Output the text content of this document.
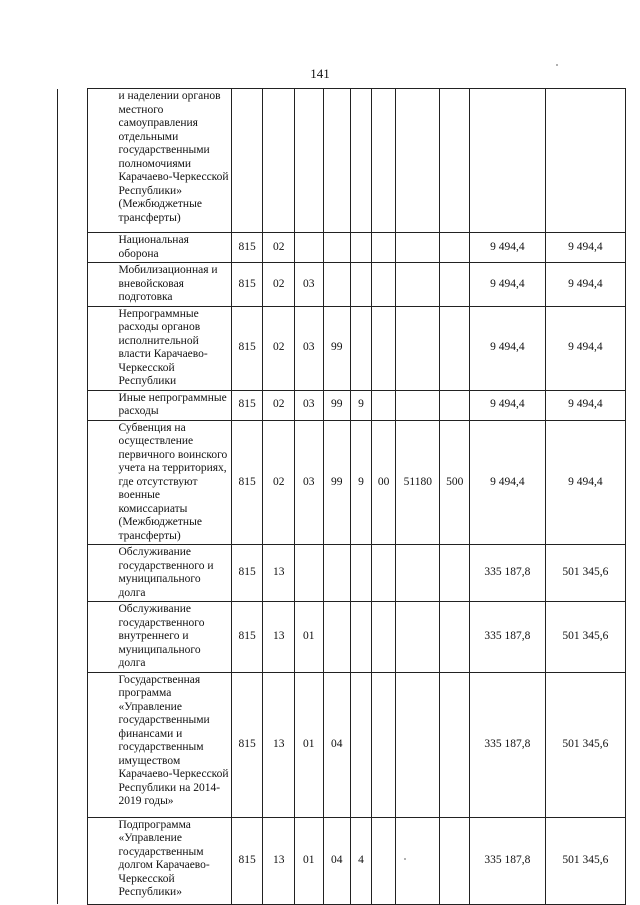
141
	и наделении органов местного самоуправления отдельными государственными полномочиями Карачаево-Черкесской Республики» (Межбюджетные трансферты)										
	Национальная оборона	815	02							9 494,4	9 494,4
	Мобилизационная и вневойсковая подготовка	815	02	03						9 494,4	9 494,4
	Непрограммные расходы органов исполнительной власти Карачаево-Черкесской Республики	815	02	03	99					9 494,4	9 494,4
	Иные непрограммные расходы	815	02	03	99	9				9 494,4	9 494,4
	Субвенция на осуществление первичного воинского учета на территориях, где отсутствуют военные комиссариаты (Межбюджетные трансферты)	815	02	03	99	9	00	51180	500	9 494,4	9 494,4
	Обслуживание государственного и муниципального долга	815	13							335 187,8	501 345,6
	Обслуживание государственного внутреннего и муниципального долга	815	13	01						335 187,8	501 345,6
	Государственная программа «Управление государственными финансами и государственным имуществом Карачаево-Черкесской Республики на 2014-2019 годы»	815	13	01	04					335 187,8	501 345,6
	Подпрограмма «Управление государственным долгом Карачаево-Черкесской Республики»	815	13	01	04	4				335 187,8	501 345,6
